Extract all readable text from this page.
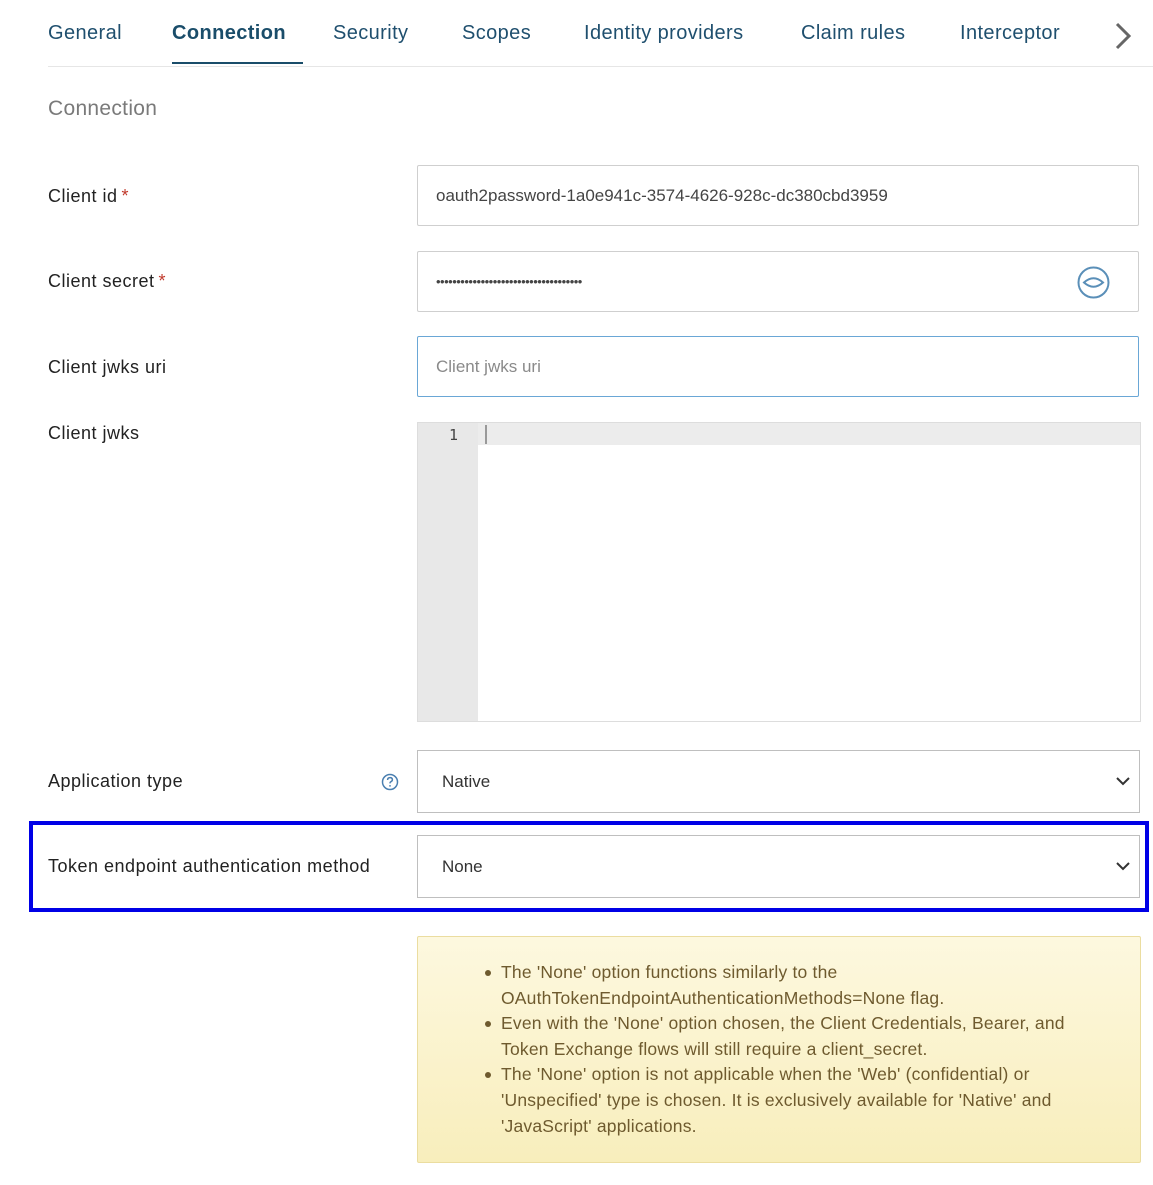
General	Connection Security	Scopes	Identity providers	Claim rules	Interceptor
Connection
Client id *	oauth2password-1a0e941c-3574-4626-928c-dc380cbd3959
Client secret *	••••••••••••••••••••••••••••••••••••
Client jwks uri	Client jwks uri
Client jwks	1
Application type	Native
Token endpoint authentication method	None
The 'None' option functions similarly to the OAuthTokenEndpointAuthenticationMethods=None flag.
Even with the 'None' option chosen, the Client Credentials, Bearer, and Token Exchange flows will still require a client_secret.
The 'None' option is not applicable when the 'Web' (confidential) or 'Unspecified' type is chosen. It is exclusively available for 'Native' and 'JavaScript' applications.
